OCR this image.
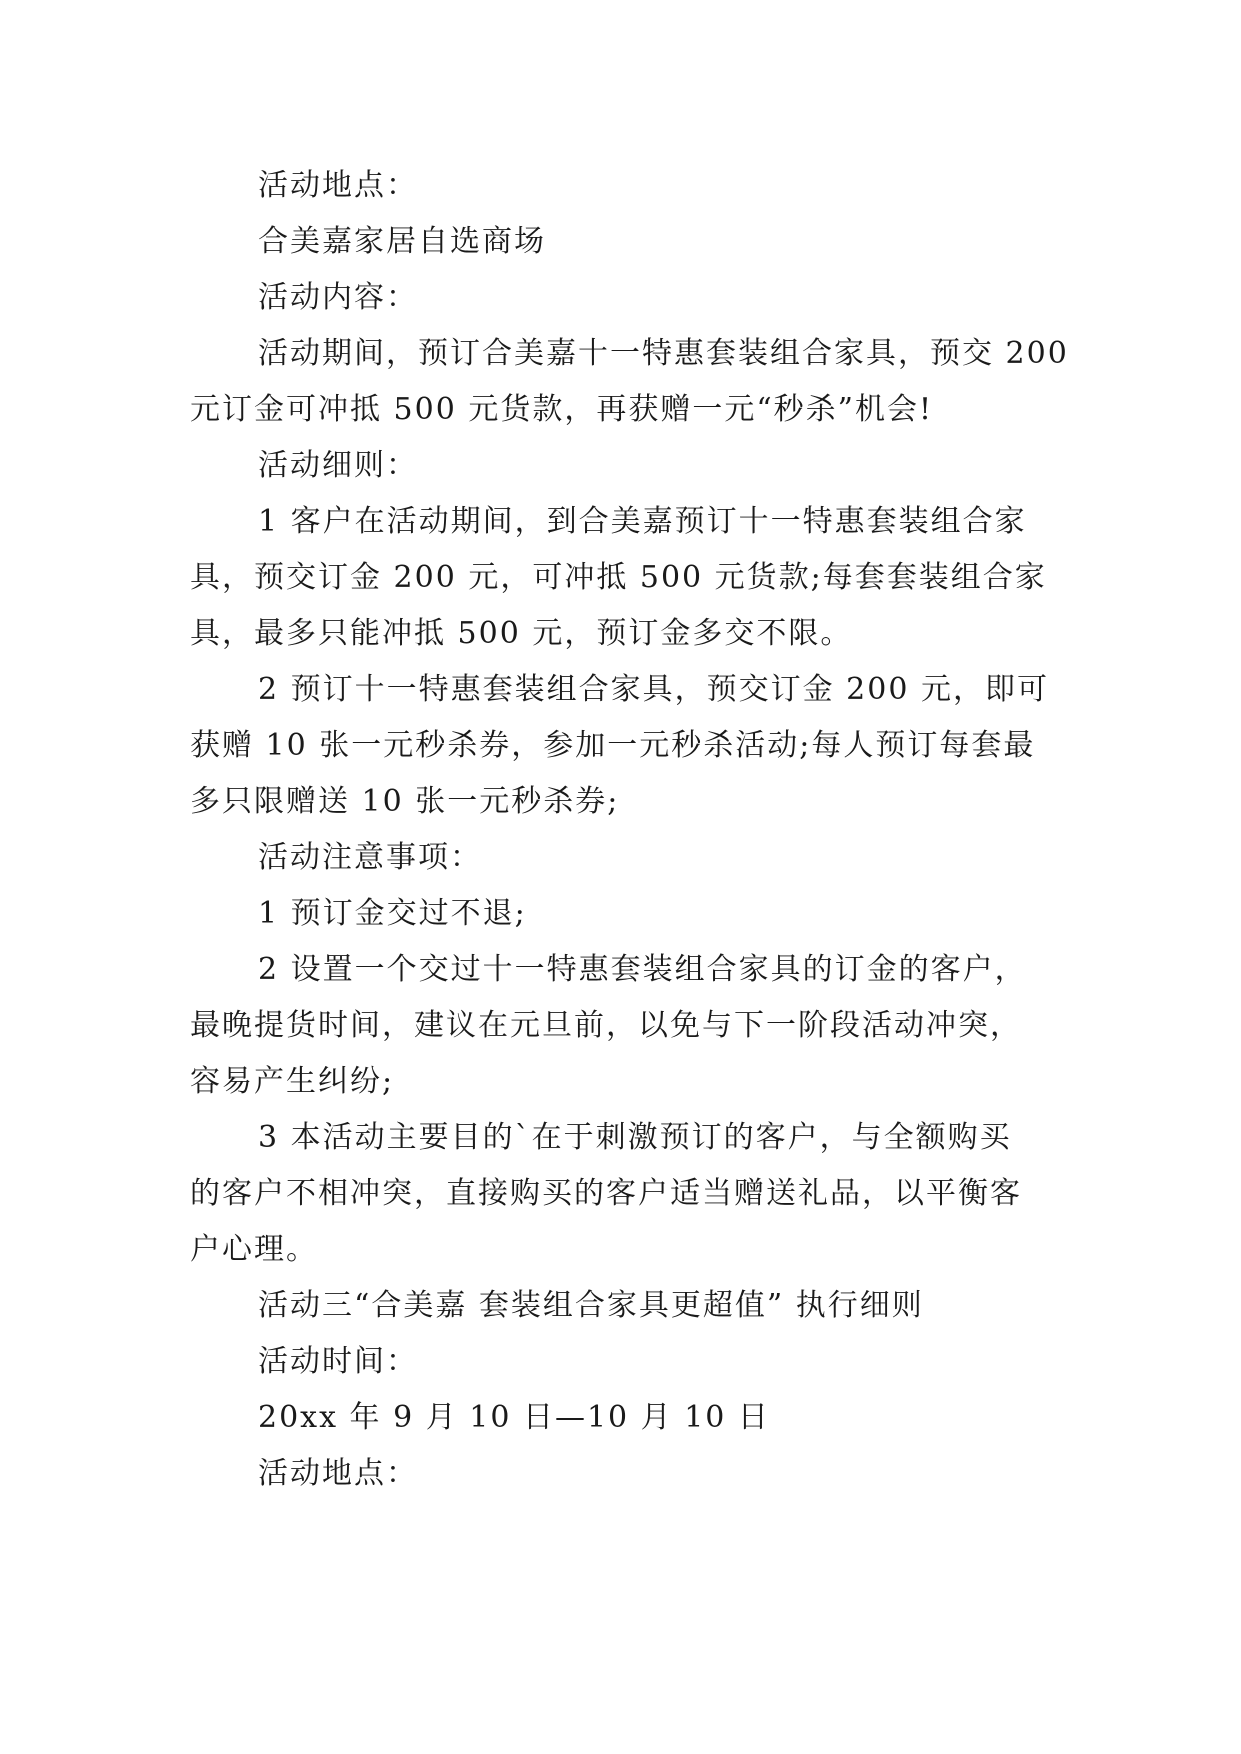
活动地点：
合美嘉家居自选商场
活动内容：
活动期间，预订合美嘉十一特惠套装组合家具，预交 200
元订金可冲抵 500 元货款，再获赠一元“秒杀”机会!
活动细则：
1 客户在活动期间，到合美嘉预订十一特惠套装组合家
具，预交订金 200 元，可冲抵 500 元货款;每套套装组合家
具，最多只能冲抵 500 元，预订金多交不限。
2 预订十一特惠套装组合家具，预交订金 200 元，即可
获赠 10 张一元秒杀券，参加一元秒杀活动;每人预订每套最
多只限赠送 10 张一元秒杀券;
活动注意事项：
1 预订金交过不退;
2 设置一个交过十一特惠套装组合家具的订金的客户，
最晚提货时间，建议在元旦前，以免与下一阶段活动冲突，
容易产生纠纷;
3 本活动主要目的`在于刺激预订的客户，与全额购买
的客户不相冲突，直接购买的客户适当赠送礼品，以平衡客
户心理。
活动三“合美嘉 套装组合家具更超值” 执行细则
活动时间：
20xx 年 9 月 10 日—10 月 10 日
活动地点：
